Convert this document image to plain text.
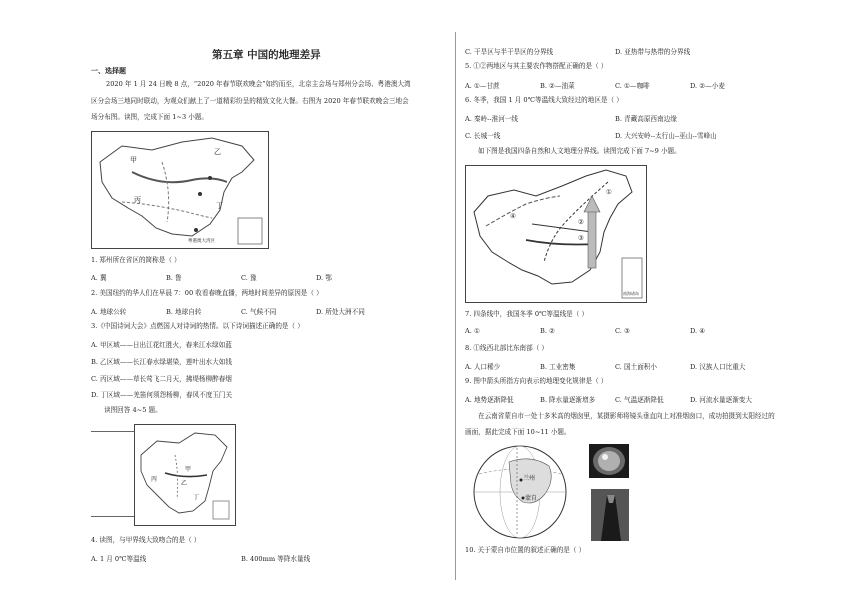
第五章 中国的地理差异
一、选择题
2020 年 1 月 24 日晚 8 点，“2020 年春节联欢晚会”如约而至，北京主会场与郑州分会场、粤港澳大湾
区分会场三地同时联动，为观众们献上了一道精彩纷呈的精致文化大餐。右图为 2020 年春节联欢晚会三地会
场分布图。读图，完成下面 1~3 小题。
甲
乙
丙
丁
粤港澳大湾区
1. 郑州所在省区的简称是（ ）
A. 冀	B. 鲁	C. 豫	D. 鄂
2. 美国纽约的华人们在早晨 7：00 收看春晚直播，两地时间差异的原因是（ ）
A. 地球公转	B. 地球自转	C. 气候不同	D. 所处大洲不同
3.《中国诗词大会》点燃国人对诗词的热情。以下诗词描述正确的是（ ）
A. 甲区域——日出江花红胜火，春来江水绿如蓝
B. 乙区域——长江春水绿堪染，莲叶出水大如钱
C. 丙区域——草长莺飞二月天，拂堤杨柳醉春烟
D. 丁区域——羌笛何须怨杨柳，春风不度玉门关
读图回答 4~5 题。
甲
乙
丙
丁
4. 读图，与甲界线大致吻合的是（ ）
A. 1 月 0℃等温线	B. 400mm 等降水量线
C. 干旱区与半干旱区的分界线	D. 亚热带与热带的分界线
5. ①②两地区与其主要农作物搭配正确的是（ ）
A. ①—甘蔗	B. ②—油菜	C. ①—咖啡	D. ②—小麦
6. 冬季，我国 1 月 0℃等温线大致经过的地区是（ ）
A. 秦岭--淮河一线	B. 青藏高原西南边缘
C. 长城一线	D. 大兴安岭--太行山--巫山--雪峰山
如下图是我国四条自然和人文地理分界线。读图完成下面 7~9 小题。
①
②
③
④
南海诸岛
7. 四条线中，我国冬季 0℃等温线是（ ）
A. ①	B. ②	C. ③	D. ④
8. ①线西北部比东南部（ ）
A. 人口稀少	B. 工业密集	C. 国土面积小	D. 汉族人口比重大
9. 图中箭头所指方向表示的地理变化规律是（ ）
A. 地势逐渐降低	B. 降水量逐渐增多	C. 气温逐渐降低	D. 河流水量逐渐变大
在云南省蒙自市一处十多米高的烟囱里，某摄影师将镜头垂直向上对准烟囱口，成功拍摄到太阳经过的
画面，据此完成下面 10~11 小题。
兰州
蒙自
10. 关于蒙自市位置的叙述正确的是（ ）
